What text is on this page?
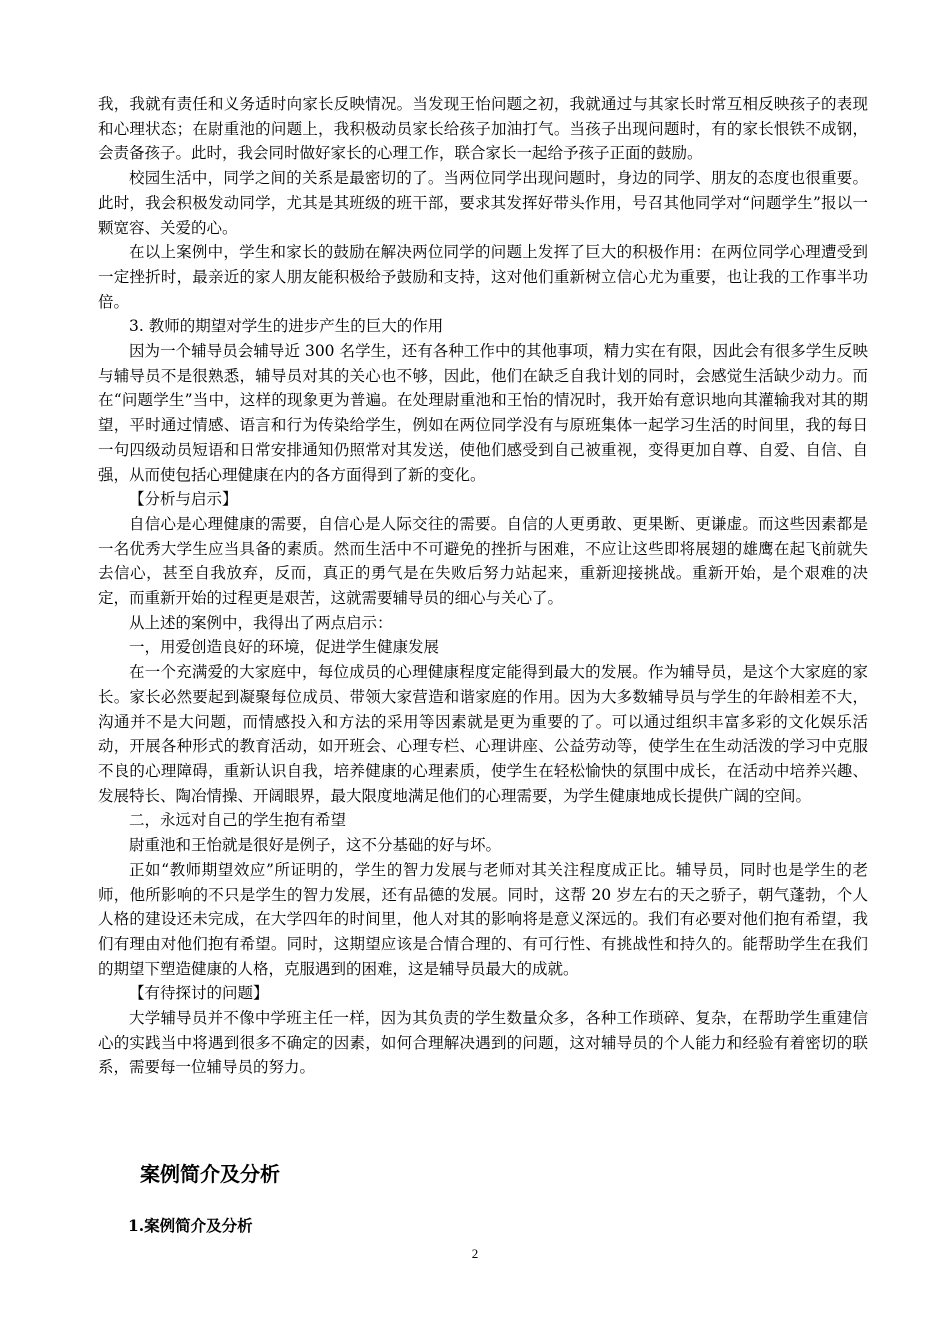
我，我就有责任和义务适时向家长反映情况。当发现王怡问题之初，我就通过与其家长时常互相反映孩子的表现和心理状态；在尉重池的问题上，我积极动员家长给孩子加油打气。当孩子出现问题时，有的家长恨铁不成钢，会责备孩子。此时，我会同时做好家长的心理工作，联合家长一起给予孩子正面的鼓励。

校园生活中，同学之间的关系是最密切的了。当两位同学出现问题时，身边的同学、朋友的态度也很重要。此时，我会积极发动同学，尤其是其班级的班干部，要求其发挥好带头作用，号召其他同学对“问题学生”报以一颗宽容、关爱的心。

在以上案例中，学生和家长的鼓励在解决两位同学的问题上发挥了巨大的积极作用：在两位同学心理遭受到一定挫折时，最亲近的家人朋友能积极给予鼓励和支持，这对他们重新树立信心尤为重要，也让我的工作事半功倍。

3. 教师的期望对学生的进步产生的巨大的作用

因为一个辅导员会辅导近 300 名学生，还有各种工作中的其他事项，精力实在有限，因此会有很多学生反映与辅导员不是很熟悉，辅导员对其的关心也不够，因此，他们在缺乏自我计划的同时，会感觉生活缺少动力。而在“问题学生”当中，这样的现象更为普遍。在处理尉重池和王怡的情况时，我开始有意识地向其灌输我对其的期望，平时通过情感、语言和行为传染给学生，例如在两位同学没有与原班集体一起学习生活的时间里，我的每日一句四级动员短语和日常安排通知仍照常对其发送，使他们感受到自己被重视，变得更加自尊、自爱、自信、自强，从而使包括心理健康在内的各方面得到了新的变化。

【分析与启示】

自信心是心理健康的需要，自信心是人际交往的需要。自信的人更勇敢、更果断、更谦虚。而这些因素都是一名优秀大学生应当具备的素质。然而生活中不可避免的挫折与困难，不应让这些即将展翅的雄鹰在起飞前就失去信心，甚至自我放弃，反而，真正的勇气是在失败后努力站起来，重新迎接挑战。重新开始，是个艰难的决定，而重新开始的过程更是艰苦，这就需要辅导员的细心与关心了。

从上述的案例中，我得出了两点启示：

一，用爱创造良好的环境，促进学生健康发展

在一个充满爱的大家庭中，每位成员的心理健康程度定能得到最大的发展。作为辅导员，是这个大家庭的家长。家长必然要起到凝聚每位成员、带领大家营造和谐家庭的作用。因为大多数辅导员与学生的年龄相差不大，沟通并不是大问题，而情感投入和方法的采用等因素就是更为重要的了。可以通过组织丰富多彩的文化娱乐活动，开展各种形式的教育活动，如开班会、心理专栏、心理讲座、公益劳动等，使学生在生动活泼的学习中克服不良的心理障碍，重新认识自我，培养健康的心理素质，使学生在轻松愉快的氛围中成长，在活动中培养兴趣、发展特长、陶冶情操、开阔眼界，最大限度地满足他们的心理需要，为学生健康地成长提供广阔的空间。

二，永远对自己的学生抱有希望

尉重池和王怡就是很好是例子，这不分基础的好与坏。

正如“教师期望效应”所证明的，学生的智力发展与老师对其关注程度成正比。辅导员，同时也是学生的老师，他所影响的不只是学生的智力发展，还有品德的发展。同时，这帮 20 岁左右的天之骄子，朝气蓬勃，个人人格的建设还未完成，在大学四年的时间里，他人对其的影响将是意义深远的。我们有必要对他们抱有希望，我们有理由对他们抱有希望。同时，这期望应该是合情合理的、有可行性、有挑战性和持久的。能帮助学生在我们的期望下塑造健康的人格，克服遇到的困难，这是辅导员最大的成就。

【有待探讨的问题】

大学辅导员并不像中学班主任一样，因为其负责的学生数量众多，各种工作琐碎、复杂，在帮助学生重建信心的实践当中将遇到很多不确定的因素，如何合理解决遇到的问题，这对辅导员的个人能力和经验有着密切的联系，需要每一位辅导员的努力。

案例简介及分析
1.案例简介及分析
2
